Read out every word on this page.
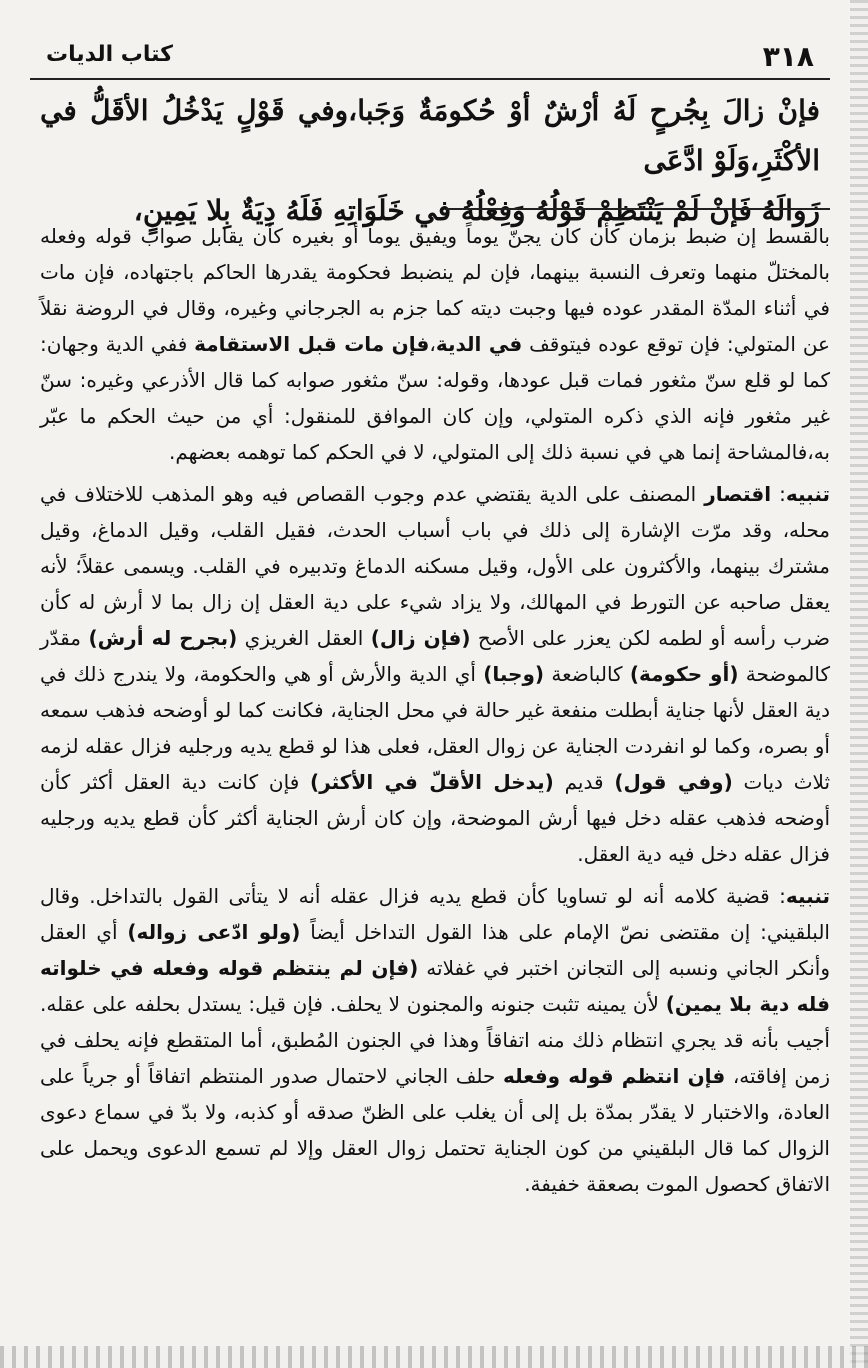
٣١٨
كتاب الديات

فإنْ زالَ بِجُرحٍ لَهُ أرْشٌ أوْ حُكومَةٌ وَجَبا،وفي قَوْلٍ يَدْخُلُ الأقَلُّ في الأكْثَرِ،وَلَوْ ادَّعَى

زَوالَهُ فَإنْ لَمْ يَنْتَظِمْ قَوْلُهُ وَفِعْلُهُ في خَلَوَاتِهِ فَلَهُ دِيَةٌ بِلا يَمِينٍ،

بالقسط إن ضبط بزمان كأن كان يجنّ يوماً ويفيق يوماً أو بغيره كأن يقابل صواب قوله وفعله بالمختلّ منهما وتعرف النسبة بينهما، فإن لم ينضبط فحكومة يقدرها الحاكم باجتهاده، فإن مات في أثناء المدّة المقدر عوده فيها وجبت ديته كما جزم به الجرجاني وغيره، وقال في الروضة نقلاً عن المتولي: فإن توقع عوده فيتوقف في الدية،فإن مات قبل الاستقامة ففي الدية وجهان: كما لو قلع سنّ مثغور فمات قبل عودها، وقوله: سنّ مثغور صوابه كما قال الأذرعي وغيره: سنّ غير مثغور فإنه الذي ذكره المتولي، وإن كان الموافق للمنقول: أي من حيث الحكم ما عبّر به،فالمشاحة إنما هي في نسبة ذلك إلى المتولي، لا في الحكم كما توهمه بعضهم.

تنبيه: اقتصار المصنف على الدية يقتضي عدم وجوب القصاص فيه وهو المذهب للاختلاف في محله، وقد مرّت الإشارة إلى ذلك في باب أسباب الحدث، فقيل القلب، وقيل الدماغ، وقيل مشترك بينهما، والأكثرون على الأول، وقيل مسكنه الدماغ وتدبيره في القلب. ويسمى عقلاً؛ لأنه يعقل صاحبه عن التورط في المهالك، ولا يزاد شيء على دية العقل إن زال بما لا أرش له كأن ضرب رأسه أو لطمه لكن يعزر على الأصح (فإن زال) العقل الغريزي (بجرح له أرش) مقدّر كالموضحة (أو حكومة) كالباضعة (وجبا) أي الدية والأرش أو هي والحكومة، ولا يندرج ذلك في دية العقل لأنها جناية أبطلت منفعة غير حالة في محل الجناية، فكانت كما لو أوضحه فذهب سمعه أو بصره، وكما لو انفردت الجناية عن زوال العقل، فعلى هذا لو قطع يديه ورجليه فزال عقله لزمه ثلاث ديات (وفي قول) قديم (يدخل الأقلّ في الأكثر) فإن كانت دية العقل أكثر كأن أوضحه فذهب عقله دخل فيها أرش الموضحة، وإن كان أرش الجناية أكثر كأن قطع يديه ورجليه فزال عقله دخل فيه دية العقل.

تنبيه: قضية كلامه أنه لو تساويا كأن قطع يديه فزال عقله أنه لا يتأتى القول بالتداخل. وقال البلقيني: إن مقتضى نصّ الإمام على هذا القول التداخل أيضاً (ولو ادّعى زواله) أي العقل وأنكر الجاني ونسبه إلى التجانن اختبر في غفلاته (فإن لم ينتظم قوله وفعله في خلواته فله دية بلا يمين) لأن يمينه تثبت جنونه والمجنون لا يحلف. فإن قيل: يستدل بحلفه على عقله. أجيب بأنه قد يجري انتظام ذلك منه اتفاقاً وهذا في الجنون المُطبق، أما المتقطع فإنه يحلف في زمن إفاقته، فإن انتظم قوله وفعله حلف الجاني لاحتمال صدور المنتظم اتفاقاً أو جرياً على العادة، والاختبار لا يقدّر بمدّة بل إلى أن يغلب على الظنّ صدقه أو كذبه، ولا بدّ في سماع دعوى الزوال كما قال البلقيني من كون الجناية تحتمل زوال العقل وإلا لم تسمع الدعوى ويحمل على الاتفاق كحصول الموت بصعقة خفيفة.
